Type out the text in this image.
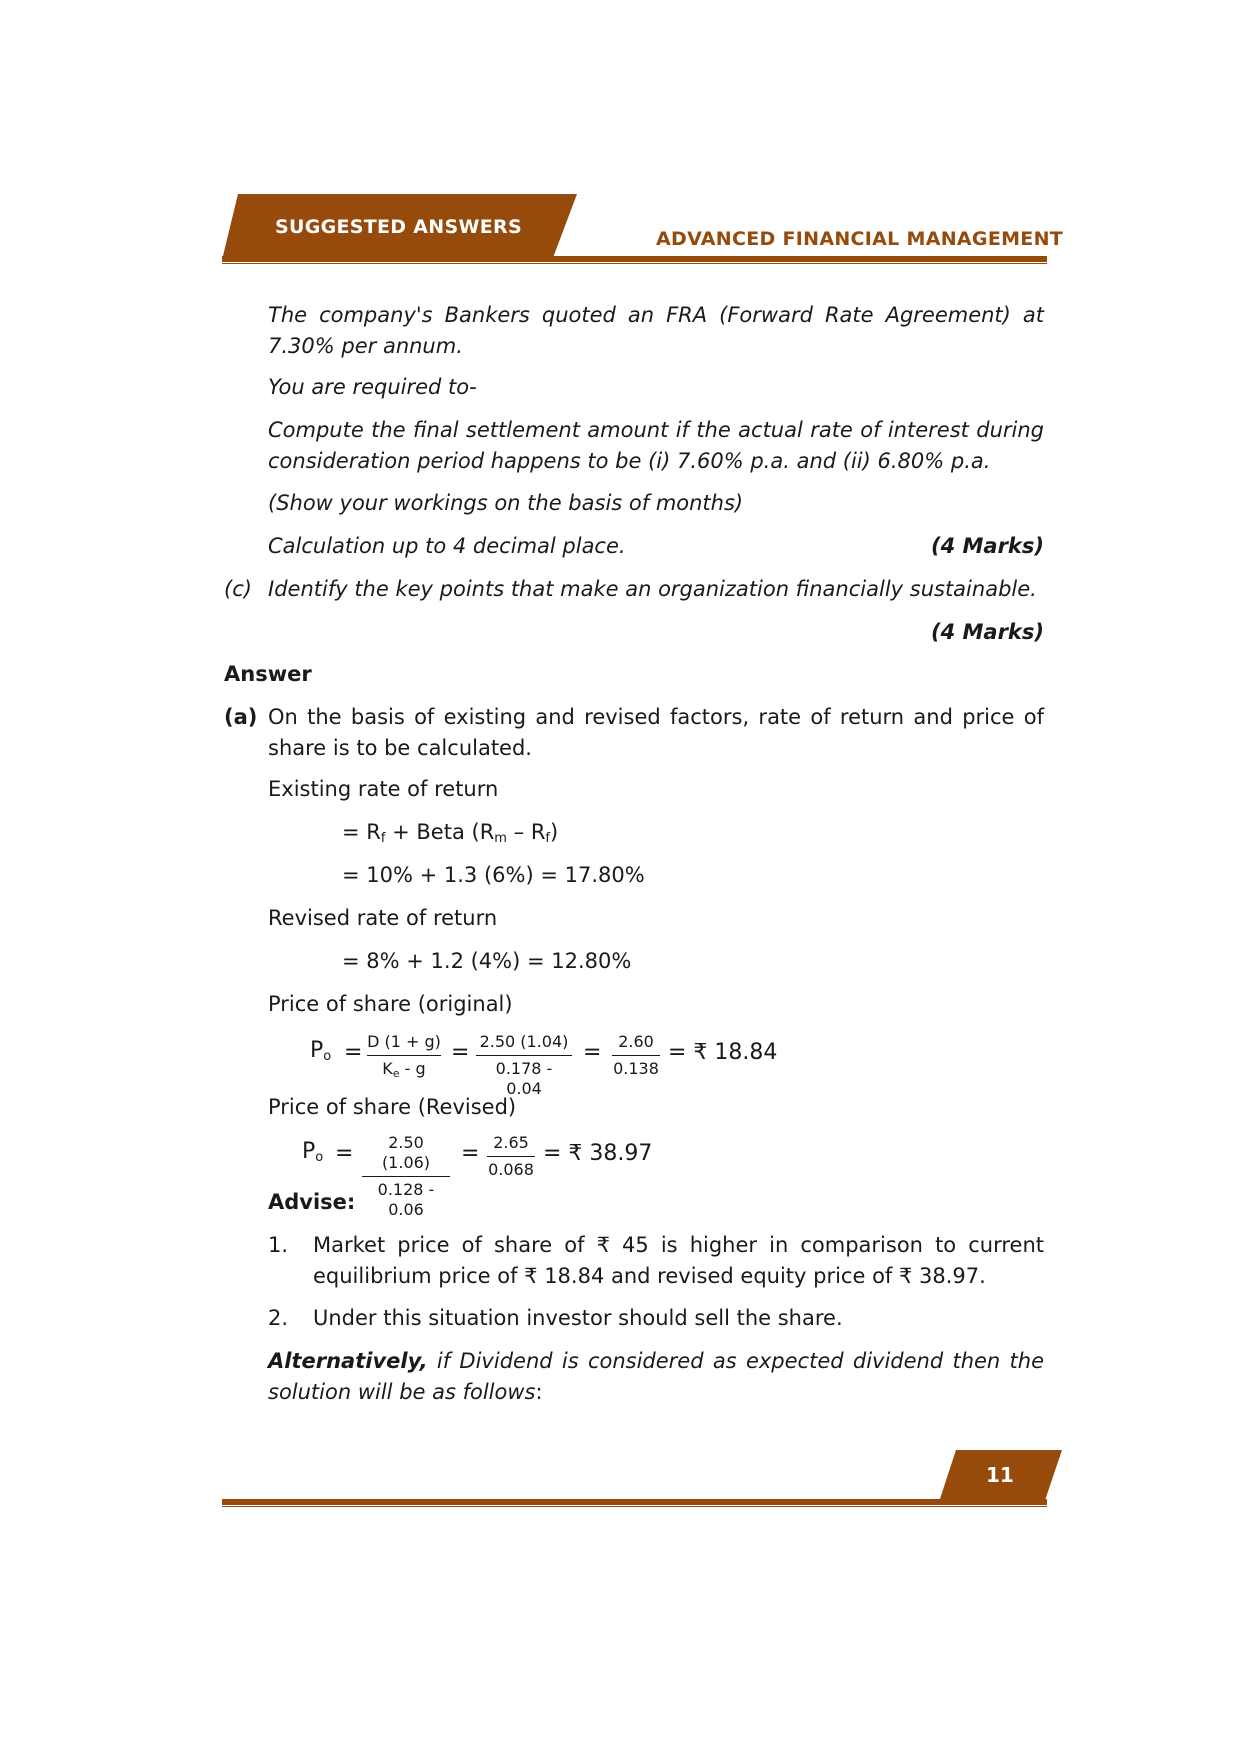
SUGGESTED ANSWERS
ADVANCED FINANCIAL MANAGEMENT
The company's Bankers quoted an FRA (Forward Rate Agreement) at 7.30% per annum.
You are required to-
Compute the final settlement amount if the actual rate of interest during consideration period happens to be (i) 7.60% p.a. and (ii) 6.80% p.a.
(Show your workings on the basis of months)
Calculation up to 4 decimal place.	(4 Marks)
(c) Identify the key points that make an organization financially sustainable.
(4 Marks)
Answer
(a) On the basis of existing and revised factors, rate of return and price of share is to be calculated.
Existing rate of return
= $R_f$ + Beta $(R_m - R_f)$
= 10% + 1.3 (6%) = 17.80%
Revised rate of return
= 8% + 1.2 (4%) = 12.80%
Price of share (original)
$P_o = \frac{D (1 + g)}{K_e - g} = \frac{2.50 (1.04)}{0.178 - 0.04} = \frac{2.60}{0.138}$ = ₹ 18.84
Price of share (Revised)
$P_o = \frac{2.50 (1.06)}{0.128 - 0.06} = \frac{2.65}{0.068}$ = ₹ 38.97
Advise:
1. Market price of share of ₹ 45 is higher in comparison to current equilibrium price of ₹ 18.84 and revised equity price of ₹ 38.97.
2. Under this situation investor should sell the share.
Alternatively, if Dividend is considered as expected dividend then the solution will be as follows:
11
